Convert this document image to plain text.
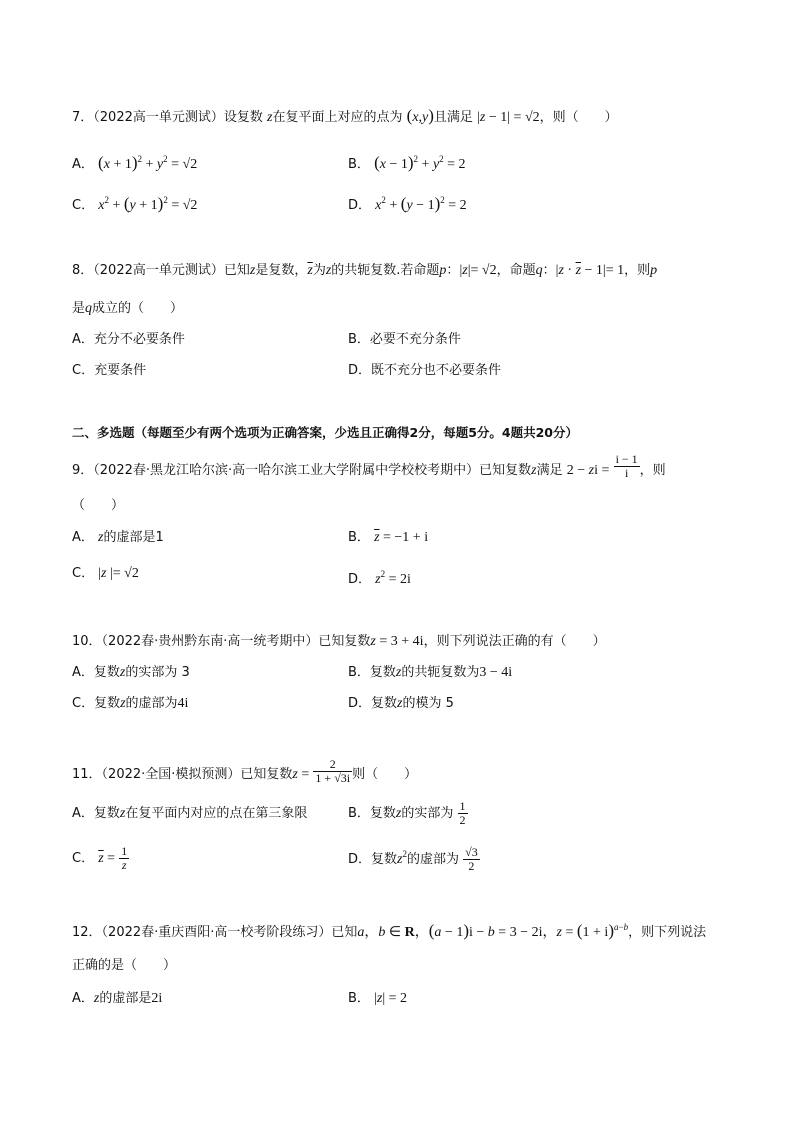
7．（2022高一单元测试）设复数 z在复平面上对应的点为 (x,y)且满足 |z − 1| = √2，则（　　）
A． $(x + 1)^2 + y^2 = √2$	B． $(x - 1)^2 + y^2 = 2$
C． $x^2 + (y + 1)^2 = √2$	D． $x^2 + (y - 1)^2 = 2$
8．（2022高一单元测试）已知z是复数，$\overline{z}$为z的共轭复数.若命题p：|z|= √2，命题q：$|z \cdot \overline{z} - 1|= 1$，则p
是q成立的（　　）
A．充分不必要条件	B．必要不充分条件
C．充要条件	D．既不充分也不必要条件
二、多选题（每题至少有两个选项为正确答案，少选且正确得2分，每题5分。4题共20分）
9．（2022春·黑龙江哈尔滨·高一哈尔滨工业大学附属中学校校考期中）已知复数z满足 2 − zi = $\frac{i - 1}{i}$ ，则
（　　）
A． z的虚部是1	B． $\overline{z} = -1 + i$
C． |z |= √2	D． $z^2 = 2i$
10．（2022春·贵州黔东南·高一统考期中）已知复数z = 3 + 4i，则下列说法正确的有（　　）
A．复数z的实部为 3	B．复数z的共轭复数为3 − 4i
C．复数z的虚部为4i	D．复数z的模为 5
11．（2022·全国·模拟预测）已知复数$z = \frac{2}{1 + √3i}$ 则（　　）
A．复数z在复平面内对应的点在第三象限	B．复数z的实部为 $\frac{1}{2}$
C． $\overline{z} = \frac{1}{z}$	D．复数$z^2$的虚部为 $\frac{√3}{2}$
12．（2022春·重庆酉阳·高一校考阶段练习）已知a，b ∈ R，(a − 1)i − b = 3 − 2i，$z = (1 + i)^{a-b}$，则下列说法
正确的是（　　）
A．z的虚部是2i	B． |z| = 2
